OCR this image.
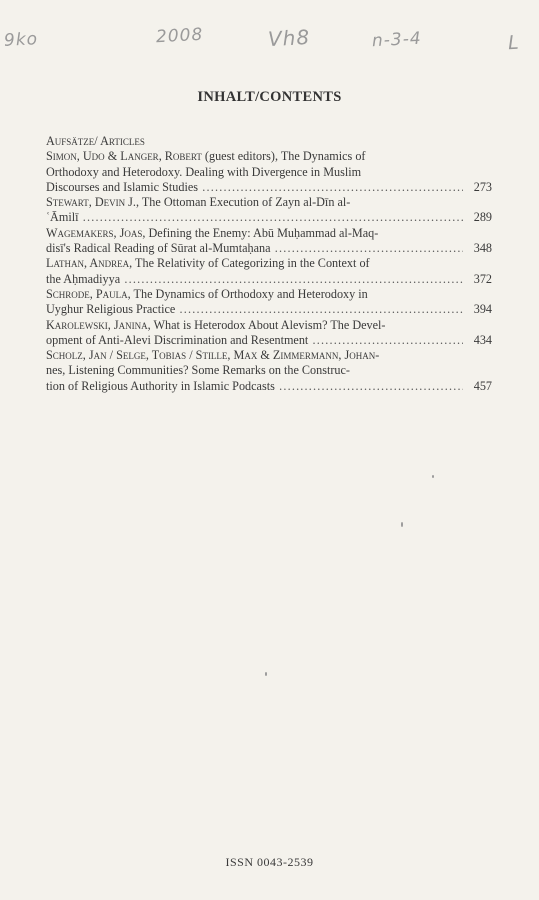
9ko	2008	Vh8	n-3-4	L
INHALT/CONTENTS
Aufsätze/ Articles
Simon, Udo & Langer, Robert (guest editors), The Dynamics of
Orthodoxy and Heterodoxy. Dealing with Divergence in Muslim
Discourses and Islamic Studies .....	273
Stewart, Devin J., The Ottoman Execution of Zayn al-Dīn al-
ʿĀmilī .....	289
Wagemakers, Joas, Defining the Enemy: Abū Muḥammad al-Maq-
disī's Radical Reading of Sūrat al-Mumtaḥana .....	348
Lathan, Andrea, The Relativity of Categorizing in the Context of
the Aḥmadiyya .....	372
Schrode, Paula, The Dynamics of Orthodoxy and Heterodoxy in
Uyghur Religious Practice .....	394
Karolewski, Janina, What is Heterodox About Alevism? The Devel-
opment of Anti-Alevi Discrimination and Resentment .....	434
Scholz, Jan / Selge, Tobias / Stille, Max & Zimmermann, Johan-
nes, Listening Communities? Some Remarks on the Construc-
tion of Religious Authority in Islamic Podcasts .....	457
ISSN 0043-2539
